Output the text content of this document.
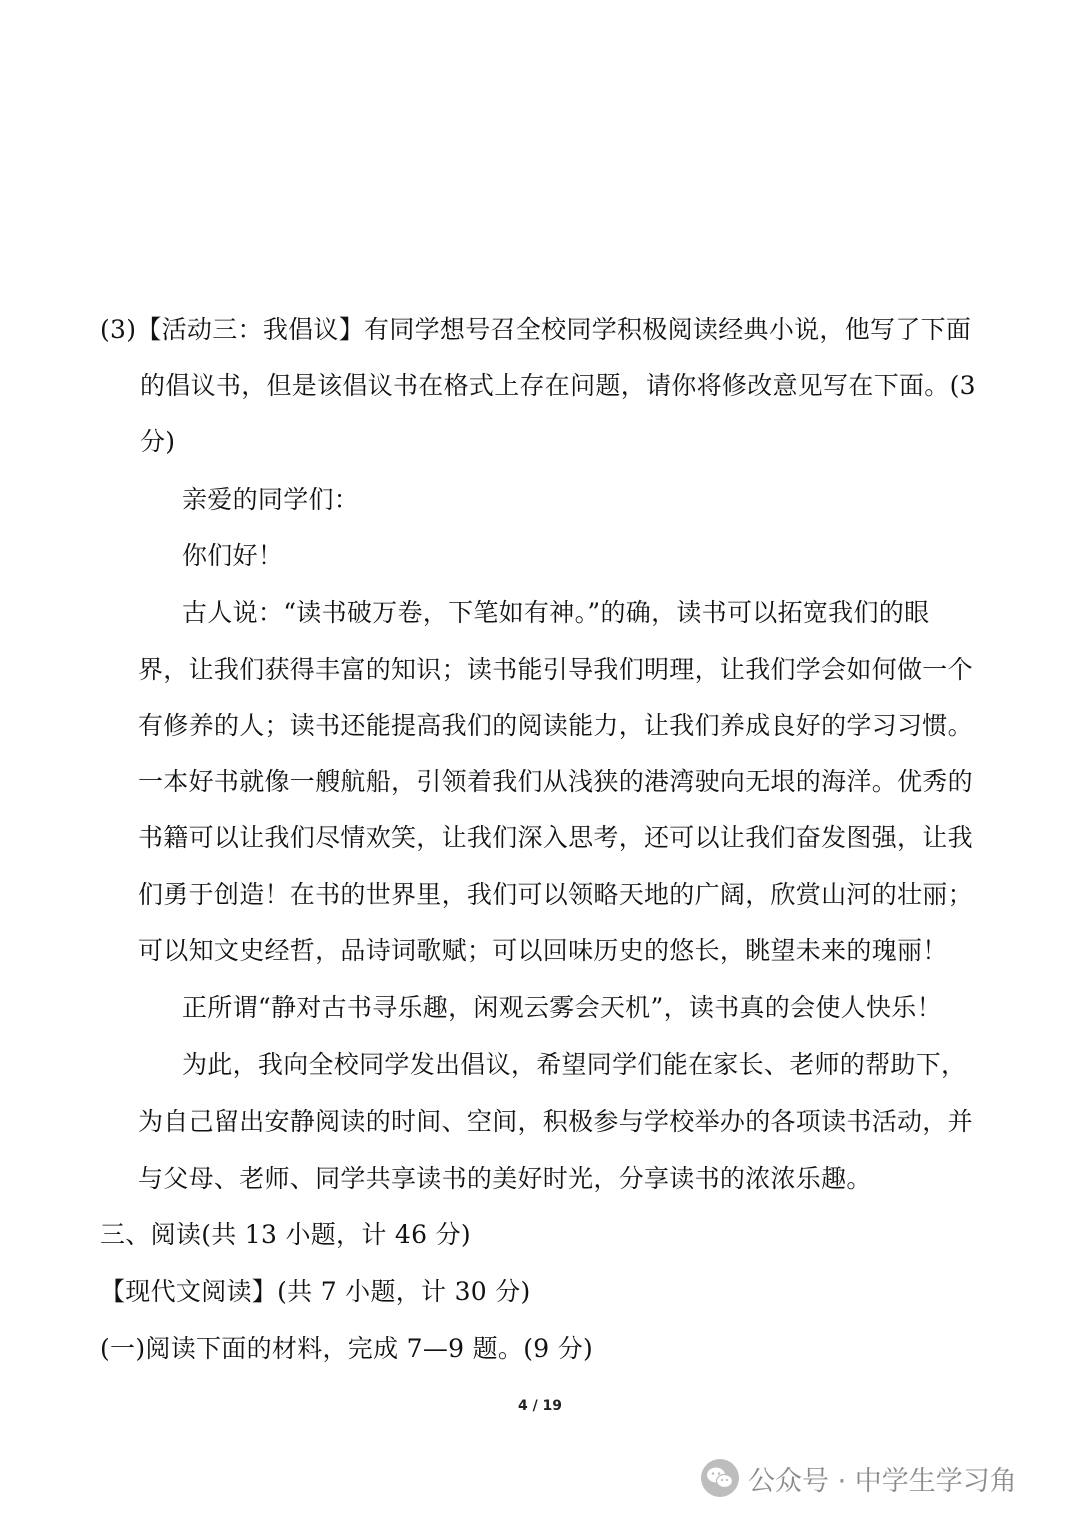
(3)【活动三：我倡议】有同学想号召全校同学积极阅读经典小说，他写了下面
的倡议书，但是该倡议书在格式上存在问题，请你将修改意见写在下面。(3
分)
亲爱的同学们：
你们好！
古人说：“读书破万卷，下笔如有神。”的确，读书可以拓宽我们的眼
界，让我们获得丰富的知识；读书能引导我们明理，让我们学会如何做一个
有修养的人；读书还能提高我们的阅读能力，让我们养成良好的学习习惯。
一本好书就像一艘航船，引领着我们从浅狭的港湾驶向无垠的海洋。优秀的
书籍可以让我们尽情欢笑，让我们深入思考，还可以让我们奋发图强，让我
们勇于创造！在书的世界里，我们可以领略天地的广阔，欣赏山河的壮丽；
可以知文史经哲，品诗词歌赋；可以回味历史的悠长，眺望未来的瑰丽！
正所谓“静对古书寻乐趣，闲观云雾会天机”，读书真的会使人快乐！
为此，我向全校同学发出倡议，希望同学们能在家长、老师的帮助下，
为自己留出安静阅读的时间、空间，积极参与学校举办的各项读书活动，并
与父母、老师、同学共享读书的美好时光，分享读书的浓浓乐趣。
三、阅读(共 13 小题，计 46 分)
【现代文阅读】(共 7 小题，计 30 分)
(一)阅读下面的材料，完成 7—9 题。(9 分)
4 / 19
公众号 · 中学生学习角
